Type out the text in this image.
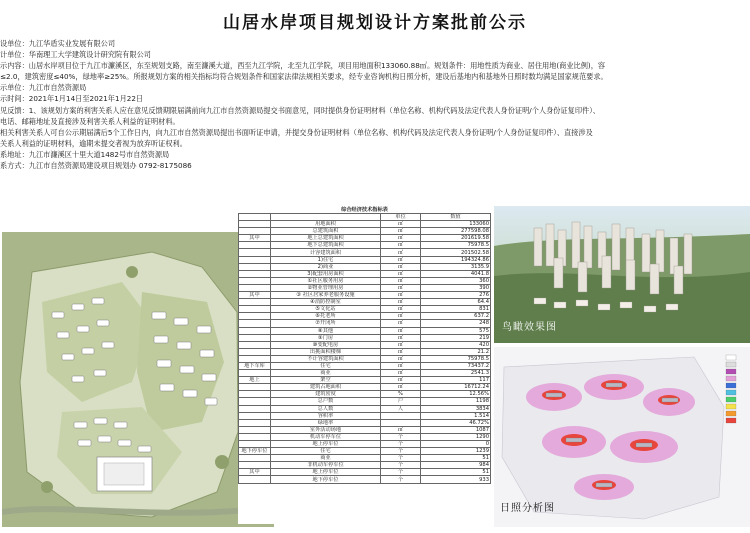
山居水岸项目规划设计方案批前公示

设单位：九江华盾实业发展有限公司

计单位：华南理工大学建筑设计研究院有限公司

示内容：山居水岸项目位于九江市濂溪区，东至规划支路，南至濂溪大道，西至九江学院，北至九江学院，项目用地面积133060.88㎡。规划条件：用地性质为商业、居住用地(商业比例)，容

≤2.0，建筑密度≤40%，绿地率≥25%。所报规划方案的相关指标均符合规划条件和国家法律法规相关要求，经专业咨询机构日照分析，建设后基地内和基地外日照时数均满足国家规范要求。

示单位：九江市自然资源局

示时间：2021年1月14日至2021年1月22日

见反馈：1、该规划方案的利害关系人应在意见反馈期限届满前向九江市自然资源局提交书面意见，同时提供身份证明材料（单位名称、机构代码及法定代表人身份证明/个人身份证复印件）、

电话、邮箱地址及直接涉及利害关系人利益的证明材料。

相关利害关系人可自公示期届满后5个工作日内，向九江市自然资源局提出书面听证申请，并提交身份证明材料（单位名称、机构代码及法定代表人身份证明/个人身份证复印件）、直接涉及

关系人利益的证明材料，逾期未提交者视为放弃听证权利。

系地址：九江市濂溪区十里大道1482号市自然资源局

系方式：九江市自然资源局建设项目规划办 0792-8175086

综合经济技术指标表			
		单位	数值
	用地面积	㎡	133060
	总建筑面积	㎡	277598.08
其中	地上总建筑面积	㎡	201619.58
	地下总建筑面积	㎡	75978.5
	计容建筑面积	㎡	201502.58
	1)住宅	㎡	194324.86
	2)商业	㎡	3135.9
	3)配套用房面积	㎡	4041.8
	①社区服务用房	㎡	360
	②物业管理用房	㎡	390
其中	③ 社区居家养老服务设施	㎡	276
	④消防控制室	㎡	64.4
	⑤文化站	㎡	831
	⑥托老所	㎡	637.2
	⑦开闭所	㎡	248
	⑧其他	㎡	575
	⑨门房	㎡	219
	⑩变配电房	㎡	420
	出挑面积楼梯	㎡	21.2
	不计容建筑面积	㎡	75978.5
地下车库	住宅	㎡	73437.2
	商业	㎡	2541.3
地上	架空	㎡	117
	建筑占地面积	㎡	16712.24
	建筑密度	%	12.56%
	总户数	户	1198
	总人数	人	3834
	容积率		1.514
	绿地率		46.72%
	室外活动场地	㎡	1087
	机动车停车位	个	1290
	地上停车位	个	0
地下停车位	住宅	个	1239
	商业	个	51
	非机动车停车位	个	984
其中	地上停车位	个	51
	地下停车位	个	933
鸟瞰效果图
日照分析图
